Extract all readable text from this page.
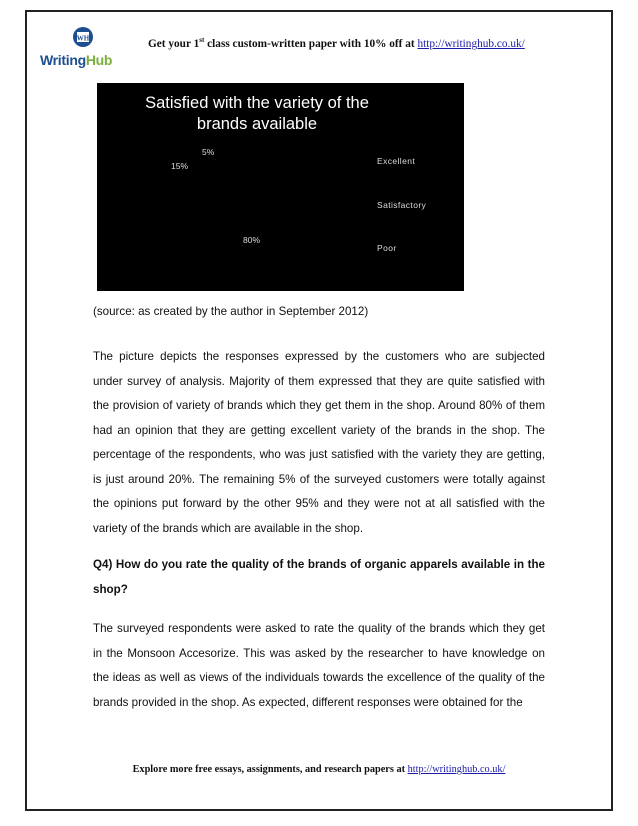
WH
WritingHub
Get your 1st class custom-written paper with 10% off at http://writinghub.co.uk/
Satisfied with the variety of the brands available
80%
15%
5%
Excellent
Satisfactory
Poor
(source: as created by the author in September 2012)
The picture depicts the responses expressed by the customers who are subjected under survey of analysis. Majority of them expressed that they are quite satisfied with the provision of variety of brands which they get them in the shop. Around 80% of them had an opinion that they are getting excellent variety of the brands in the shop. The percentage of the respondents, who was just satisfied with the variety they are getting, is just around 20%. The remaining 5% of the surveyed customers were totally against the opinions put forward by the other 95% and they were not at all satisfied with the variety of the brands which are available in the shop.
Q4) How do you rate the quality of the brands of organic apparels available in the shop?
The surveyed respondents were asked to rate the quality of the brands which they get in the Monsoon Accesorize. This was asked by the researcher to have knowledge on the ideas as well as views of the individuals towards the excellence of the quality of the brands provided in the shop. As expected, different responses were obtained for the
Explore more free essays, assignments, and research papers at http://writinghub.co.uk/
